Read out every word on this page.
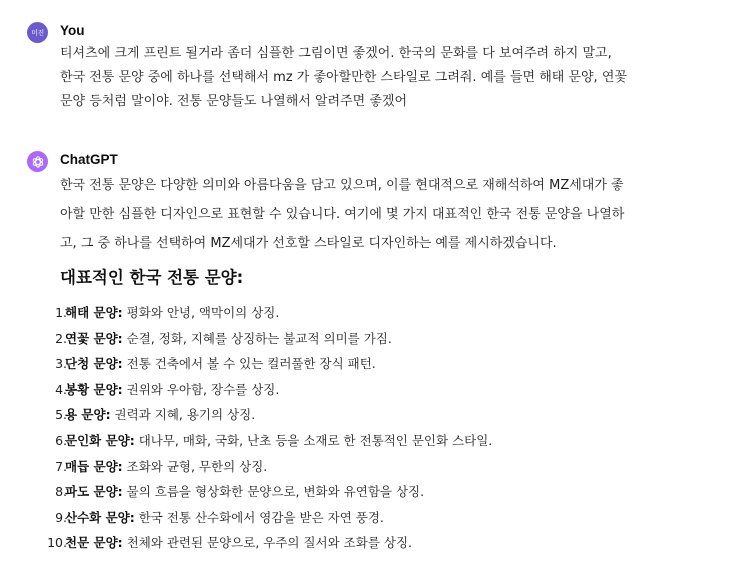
미진 You
티셔츠에 크게 프린트 될거라 좀더 심플한 그림이면 좋겠어. 한국의 문화를 다 보여주려 하지 말고,
한국 전통 문양 중에 하나를 선택해서 mz 가 좋아할만한 스타일로 그려줘. 예를 들면 해태 문양, 연꽃
문양 등처럼 말이야. 전통 문양들도 나열해서 알려주면 좋겠어
ChatGPT
한국 전통 문양은 다양한 의미와 아름다움을 담고 있으며, 이를 현대적으로 재해석하여 MZ세대가 좋
아할 만한 심플한 디자인으로 표현할 수 있습니다. 여기에 몇 가지 대표적인 한국 전통 문양을 나열하
고, 그 중 하나를 선택하여 MZ세대가 선호할 스타일로 디자인하는 예를 제시하겠습니다.
대표적인 한국 전통 문양:
1.
해태 문양: 평화와 안녕, 액막이의 상징.
2.
연꽃 문양: 순결, 정화, 지혜를 상징하는 불교적 의미를 가짐.
3.
단청 문양: 전통 건축에서 볼 수 있는 컬러풀한 장식 패턴.
4.
봉황 문양: 권위와 우아함, 장수를 상징.
5.
용 문양: 권력과 지혜, 용기의 상징.
6.
문인화 문양: 대나무, 매화, 국화, 난초 등을 소재로 한 전통적인 문인화 스타일.
7.
매듭 문양: 조화와 균형, 무한의 상징.
8.
파도 문양: 물의 흐름을 형상화한 문양으로, 변화와 유연함을 상징.
9.
산수화 문양: 한국 전통 산수화에서 영감을 받은 자연 풍경.
10.
천문 문양: 천체와 관련된 문양으로, 우주의 질서와 조화를 상징.
